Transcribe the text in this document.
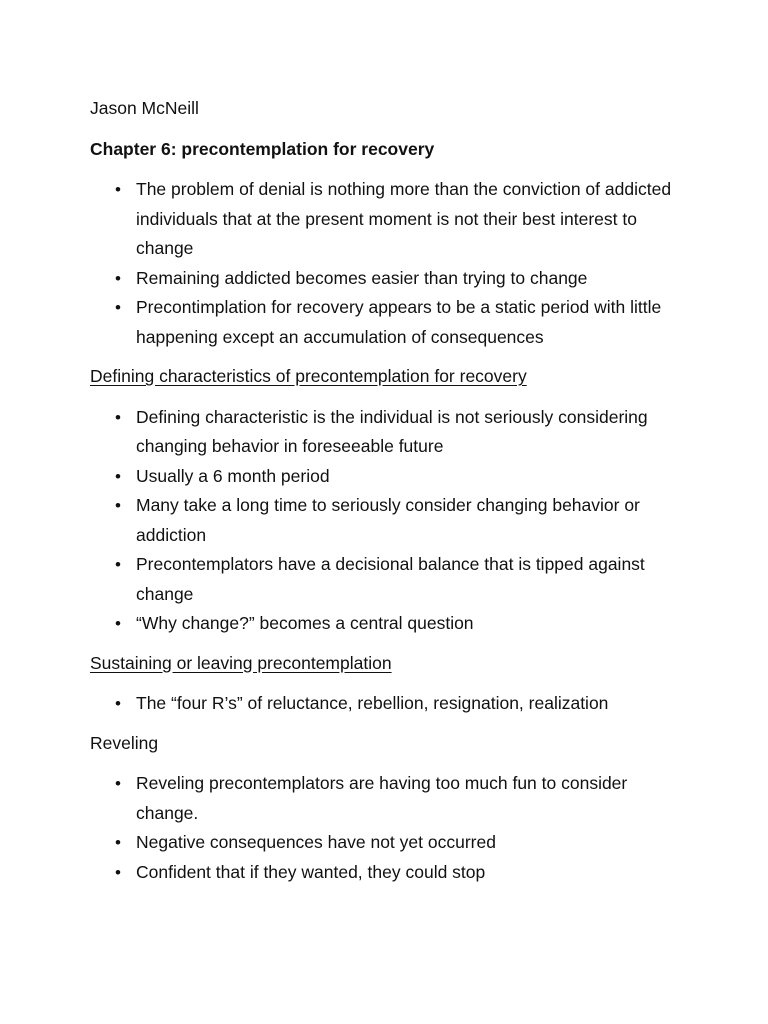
Jason McNeill

Chapter 6: precontemplation for recovery

• The problem of denial is nothing more than the conviction of addicted individuals that at the present moment is not their best interest to change
• Remaining addicted becomes easier than trying to change
• Precontimplation for recovery appears to be a static period with little happening except an accumulation of consequences

Defining characteristics of precontemplation for recovery

• Defining characteristic is the individual is not seriously considering changing behavior in foreseeable future
• Usually a 6 month period
• Many take a long time to seriously consider changing behavior or addiction
• Precontemplators have a decisional balance that is tipped against change
• “Why change?” becomes a central question

Sustaining or leaving precontemplation

• The “four R’s” of reluctance, rebellion, resignation, realization

Reveling

• Reveling precontemplators are having too much fun to consider change.
• Negative consequences have not yet occurred
• Confident that if they wanted, they could stop
